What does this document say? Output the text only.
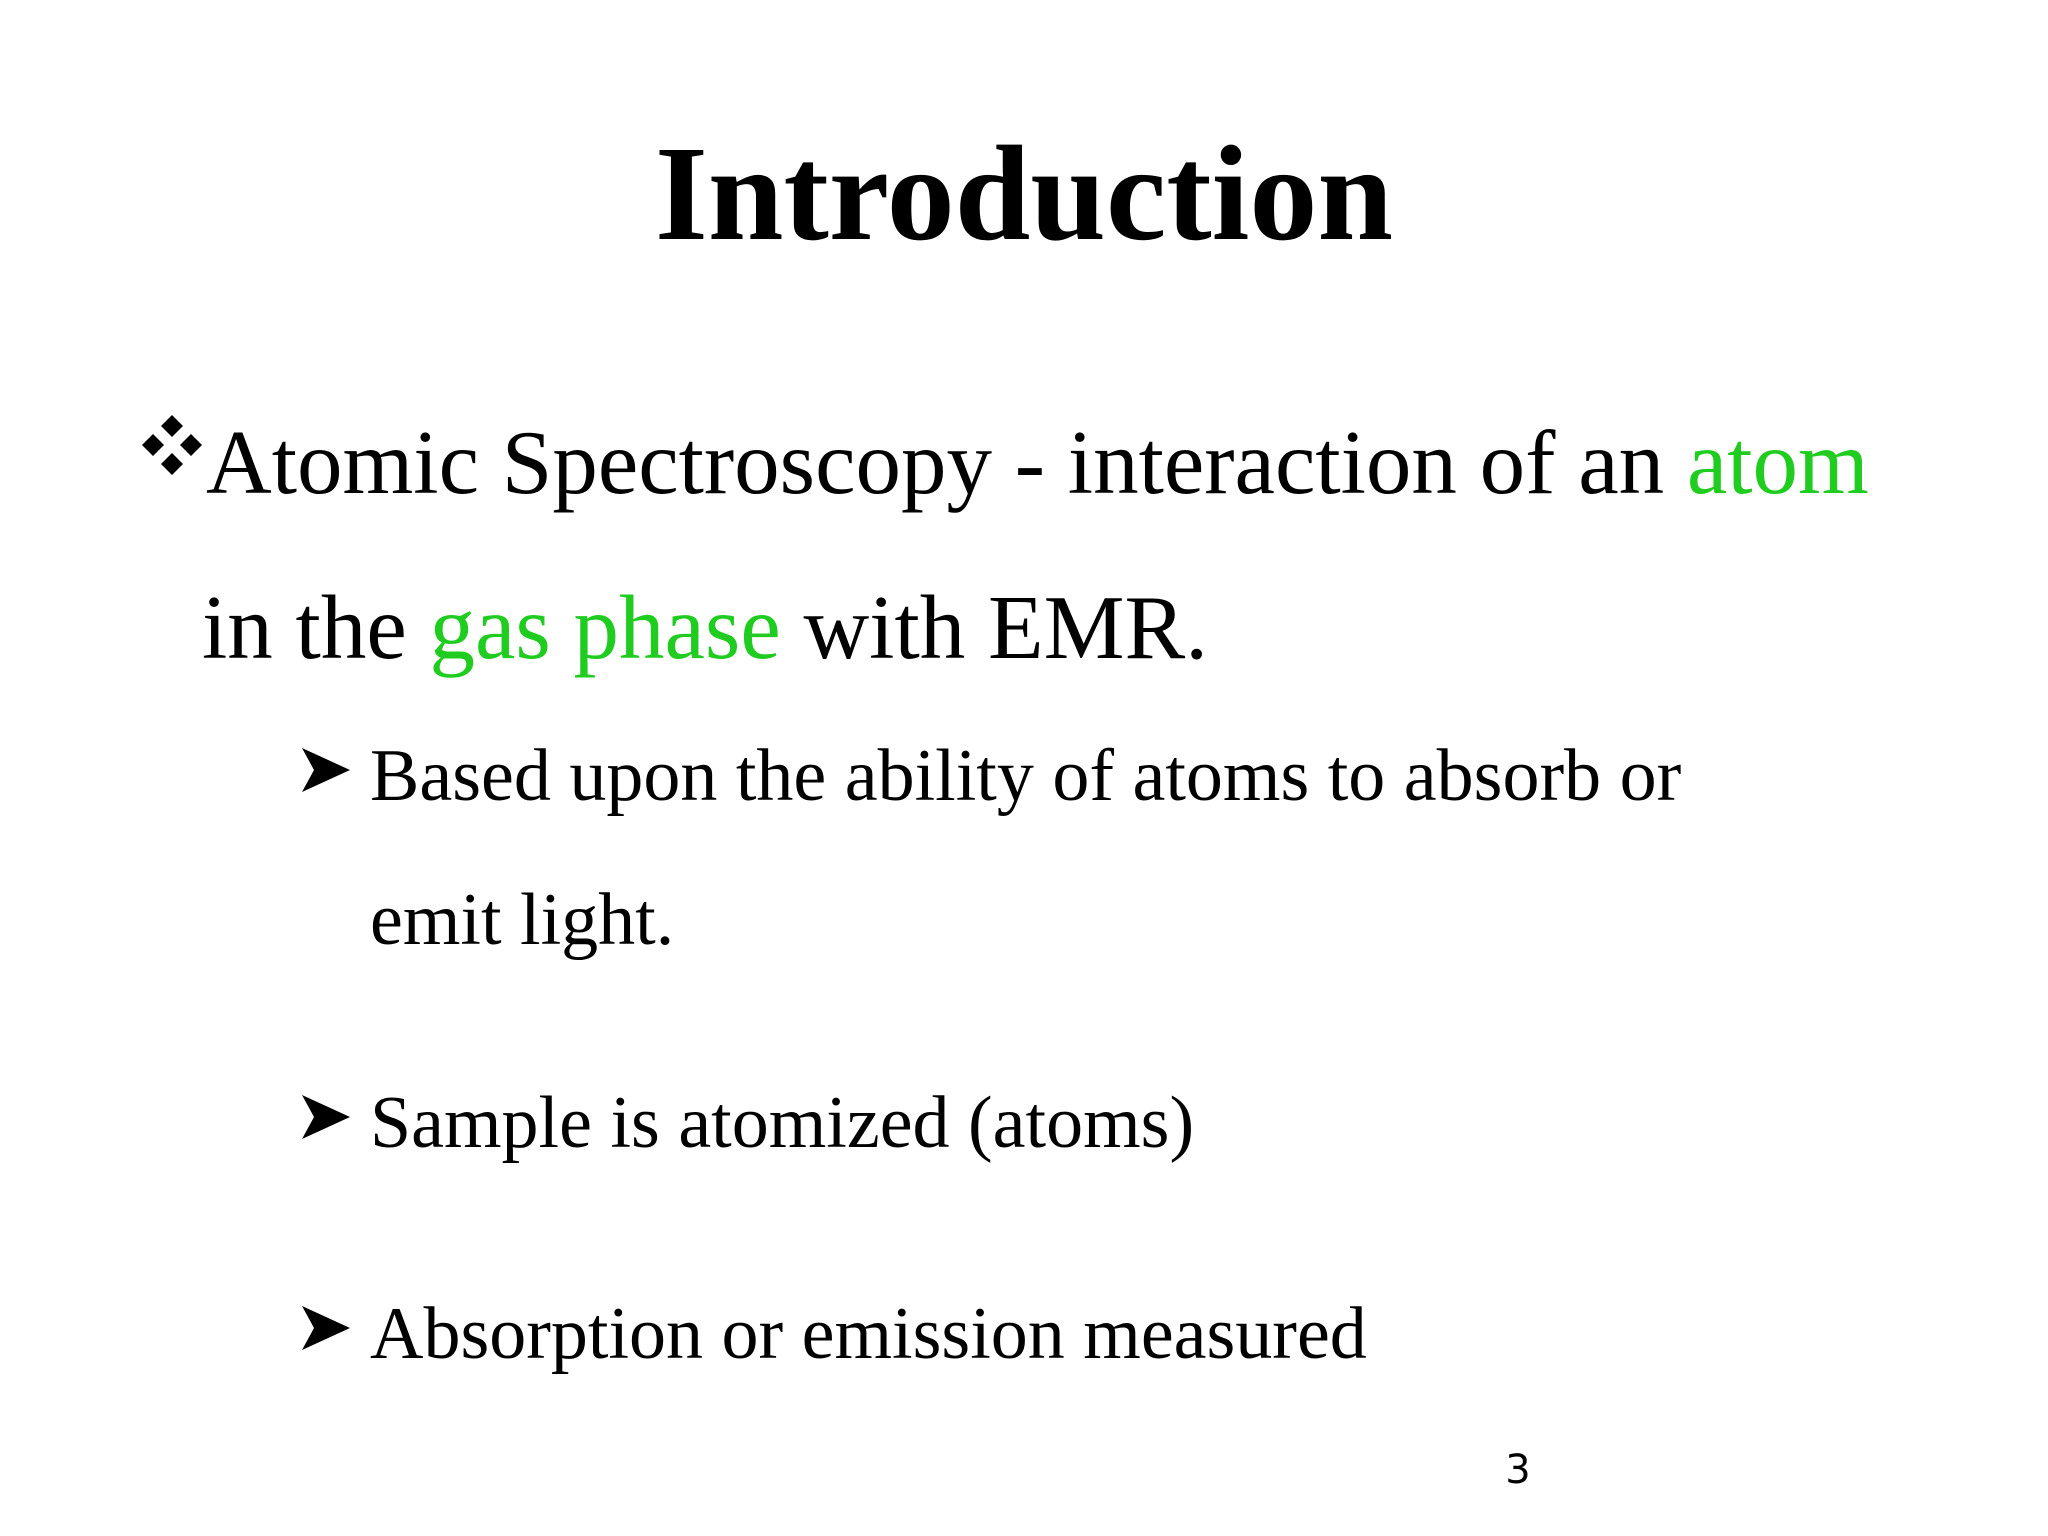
Introduction
Atomic Spectroscopy - interaction of an atom
in the gas phase with EMR.
Based upon the ability of atoms to absorb or
emit light.
Sample is atomized (atoms)
Absorption or emission measured
3
